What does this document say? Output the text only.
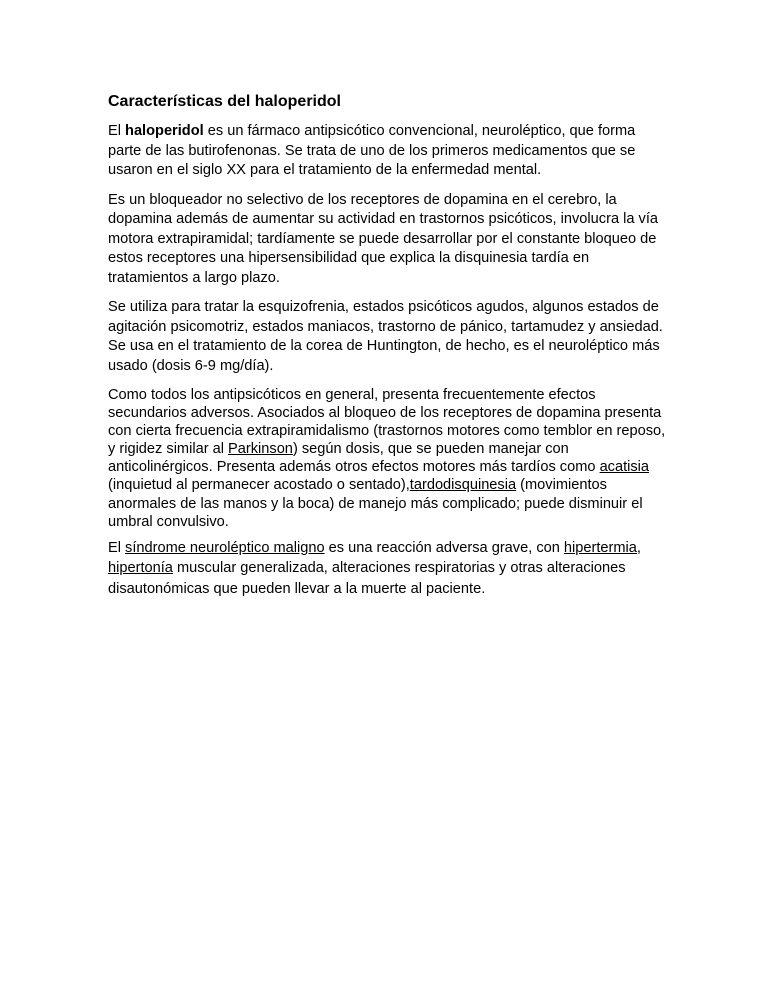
Características del haloperidol

El haloperidol es un fármaco antipsicótico convencional, neuroléptico, que forma parte de las butirofenonas. Se trata de uno de los primeros medicamentos que se usaron en el siglo XX para el tratamiento de la enfermedad mental.

Es un bloqueador no selectivo de los receptores de dopamina en el cerebro, la dopamina además de aumentar su actividad en trastornos psicóticos, involucra la vía motora extrapiramidal; tardíamente se puede desarrollar por el constante bloqueo de estos receptores una hipersensibilidad que explica la disquinesia tardía en tratamientos a largo plazo.

Se utiliza para tratar la esquizofrenia, estados psicóticos agudos, algunos estados de agitación psicomotriz, estados maniacos, trastorno de pánico, tartamudez y ansiedad. Se usa en el tratamiento de la corea de Huntington, de hecho, es el neuroléptico más usado (dosis 6-9 mg/día).

Como todos los antipsicóticos en general, presenta frecuentemente efectos secundarios adversos. Asociados al bloqueo de los receptores de dopamina presenta con cierta frecuencia extrapiramidalismo (trastornos motores como temblor en reposo, y rigidez similar al Parkinson) según dosis, que se pueden manejar con anticolinérgicos. Presenta además otros efectos motores más tardíos como acatisia (inquietud al permanecer acostado o sentado),tardodisquinesia (movimientos anormales de las manos y la boca) de manejo más complicado; puede disminuir el umbral convulsivo.

El síndrome neuroléptico maligno es una reacción adversa grave, con hipertermia, hipertonía muscular generalizada, alteraciones respiratorias y otras alteraciones disautonómicas que pueden llevar a la muerte al paciente.
